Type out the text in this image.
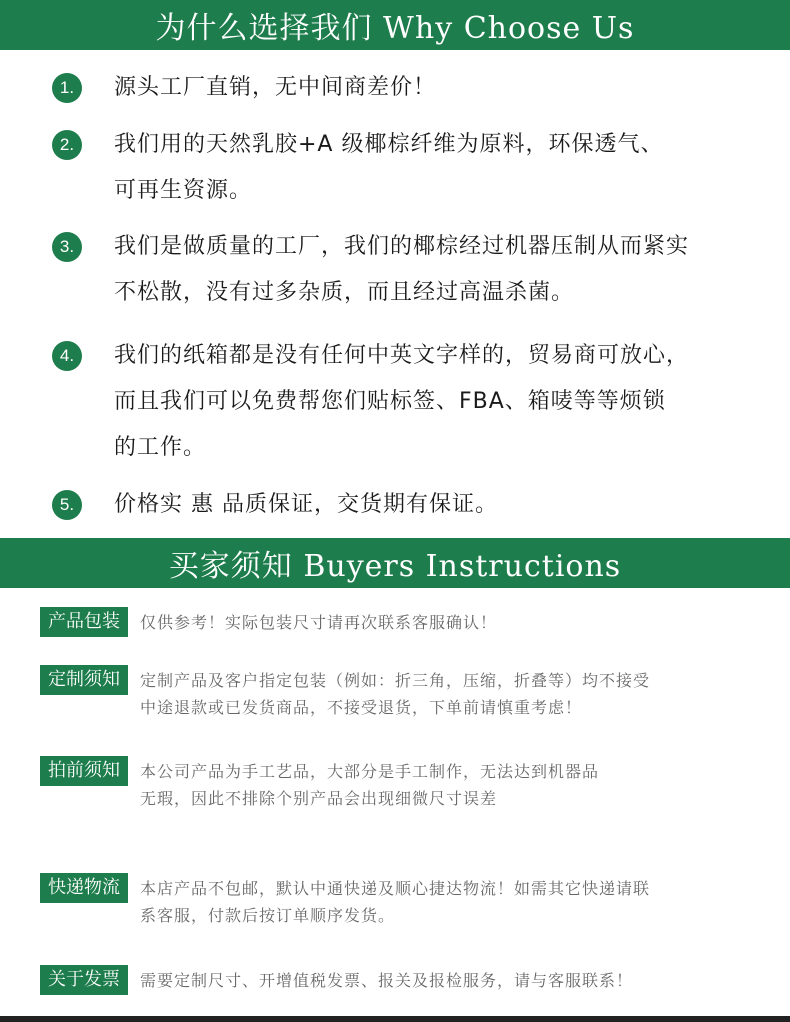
为什么选择我们 Why Choose Us
1.	源头工厂直销，无中间商差价！
2.	我们用的天然乳胶+A 级椰棕纤维为原料，环保透气、
可再生资源。
3.	我们是做质量的工厂，我们的椰棕经过机器压制从而紧实
不松散，没有过多杂质，而且经过高温杀菌。
4.	我们的纸箱都是没有任何中英文字样的，贸易商可放心，
而且我们可以免费帮您们贴标签、FBA、箱唛等等烦锁
的工作。
5.	价格实 惠 品质保证，交货期有保证。
买家须知 Buyers Instructions
产品包装	仅供参考！实际包装尺寸请再次联系客服确认！
定制须知	定制产品及客户指定包装（例如：折三角，压缩，折叠等）均不接受
中途退款或已发货商品，不接受退货，下单前请慎重考虑！
拍前须知	本公司产品为手工艺品，大部分是手工制作，无法达到机器品
无瑕，因此不排除个别产品会出现细微尺寸误差
快递物流	本店产品不包邮，默认中通快递及顺心捷达物流！如需其它快递请联
系客服，付款后按订单顺序发货。
关于发票	需要定制尺寸、开增值税发票、报关及报检服务，请与客服联系！
